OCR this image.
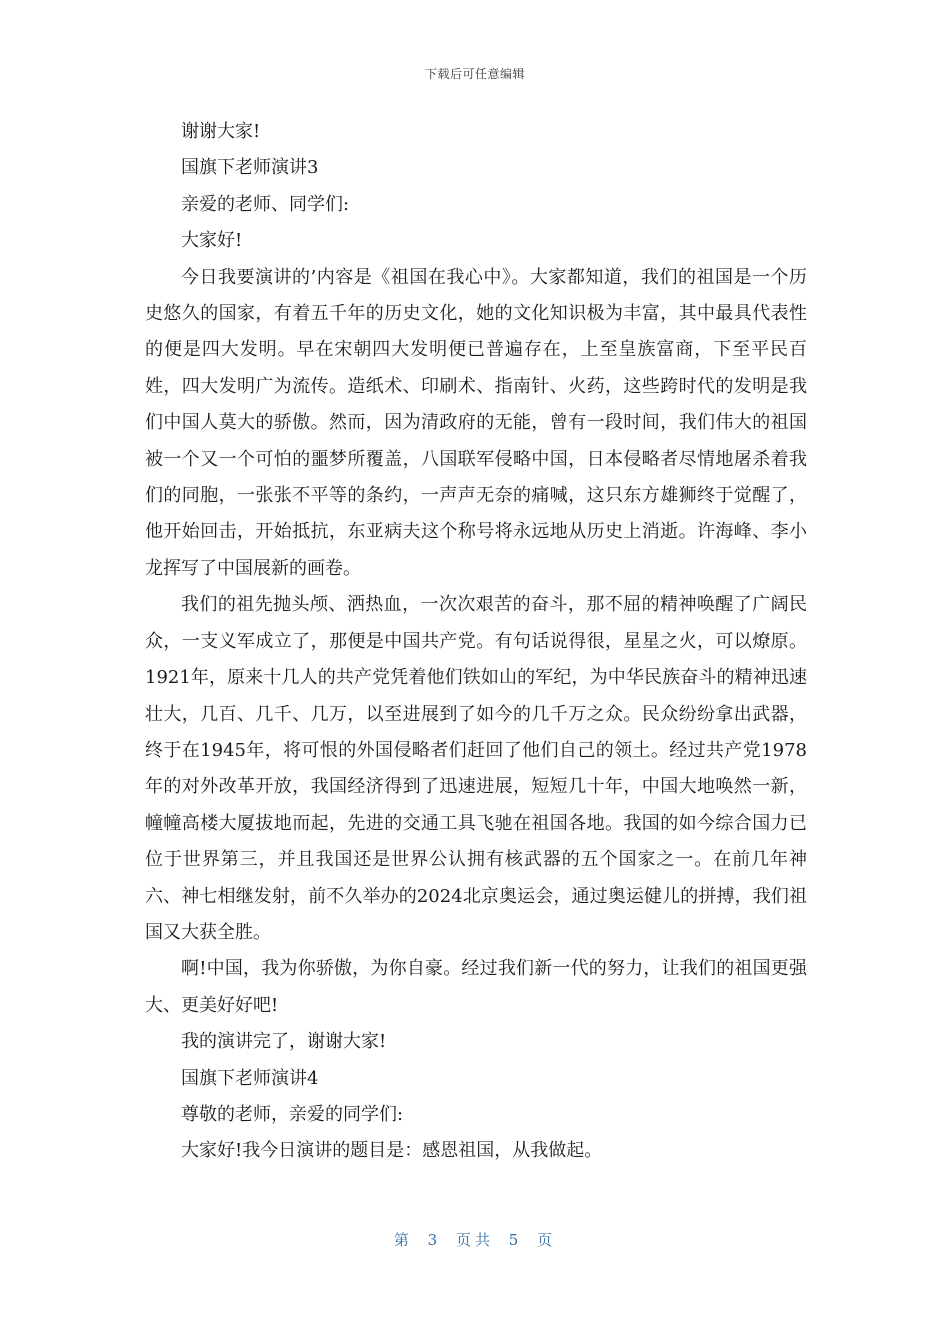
下载后可任意编辑

谢谢大家!

国旗下老师演讲3

亲爱的老师、同学们:

大家好!

今日我要演讲的’内容是《祖国在我心中》。大家都知道，我们的祖国是一个历史悠久的国家，有着五千年的历史文化，她的文化知识极为丰富，其中最具代表性的便是四大发明。早在宋朝四大发明便已普遍存在，上至皇族富商，下至平民百姓，四大发明广为流传。造纸术、印刷术、指南针、火药，这些跨时代的发明是我们中国人莫大的骄傲。然而，因为清政府的无能，曾有一段时间，我们伟大的祖国被一个又一个可怕的噩梦所覆盖，八国联军侵略中国，日本侵略者尽情地屠杀着我们的同胞，一张张不平等的条约，一声声无奈的痛喊，这只东方雄狮终于觉醒了，他开始回击，开始抵抗，东亚病夫这个称号将永远地从历史上消逝。许海峰、李小龙挥写了中国展新的画卷。

我们的祖先抛头颅、洒热血，一次次艰苦的奋斗，那不屈的精神唤醒了广阔民众，一支义军成立了，那便是中国共产党。有句话说得很，星星之火，可以燎原。1921年，原来十几人的共产党凭着他们铁如山的军纪，为中华民族奋斗的精神迅速壮大，几百、几千、几万，以至进展到了如今的几千万之众。民众纷纷拿出武器，终于在1945年，将可恨的外国侵略者们赶回了他们自己的领土。经过共产党1978年的对外改革开放，我国经济得到了迅速进展，短短几十年，中国大地唤然一新，幢幢高楼大厦拔地而起，先进的交通工具飞驰在祖国各地。我国的如今综合国力已位于世界第三，并且我国还是世界公认拥有核武器的五个国家之一。在前几年神六、神七相继发射，前不久举办的2024北京奥运会，通过奥运健儿的拼搏，我们祖国又大获全胜。

啊!中国，我为你骄傲，为你自豪。经过我们新一代的努力，让我们的祖国更强大、更美好好吧!

我的演讲完了，谢谢大家!

国旗下老师演讲4

尊敬的老师，亲爱的同学们:

大家好!我今日演讲的题目是：感恩祖国，从我做起。

第 3 页共 5 页
